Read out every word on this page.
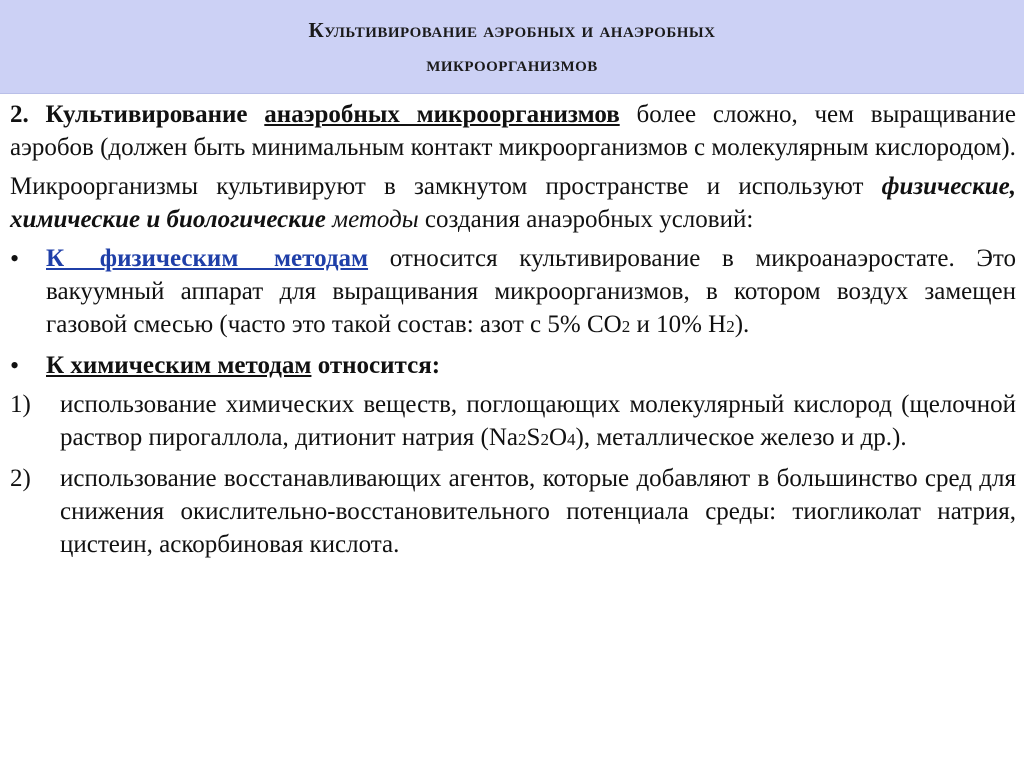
Культивирование аэробных и анаэробных
микроорганизмов

2. Культивирование анаэробных микроорганизмов более сложно, чем выращивание аэробов (должен быть минимальным контакт микроорганизмов с молекулярным кислородом).

Микроорганизмы культивируют в замкнутом пространстве и используют физические, химические и биологические методы создания анаэробных условий:

•	К физическим методам относится культивирование в микроанаэростате. Это вакуумный аппарат для выращивания микроорганизмов, в котором воздух замещен газовой смесью (часто это такой состав: азот с 5% CO2 и 10% H2).
•	К химическим методам относится:
1)	использование химических веществ, поглощающих молекулярный кислород (щелочной раствор пирогаллола, дитионит натрия (Na2S2O4), металлическое железо и др.).
2)	использование восстанавливающих агентов, которые добавляют в большинство сред для снижения окислительно-восстановительного потенциала среды: тиогликолат натрия, цистеин, аскорбиновая кислота.
